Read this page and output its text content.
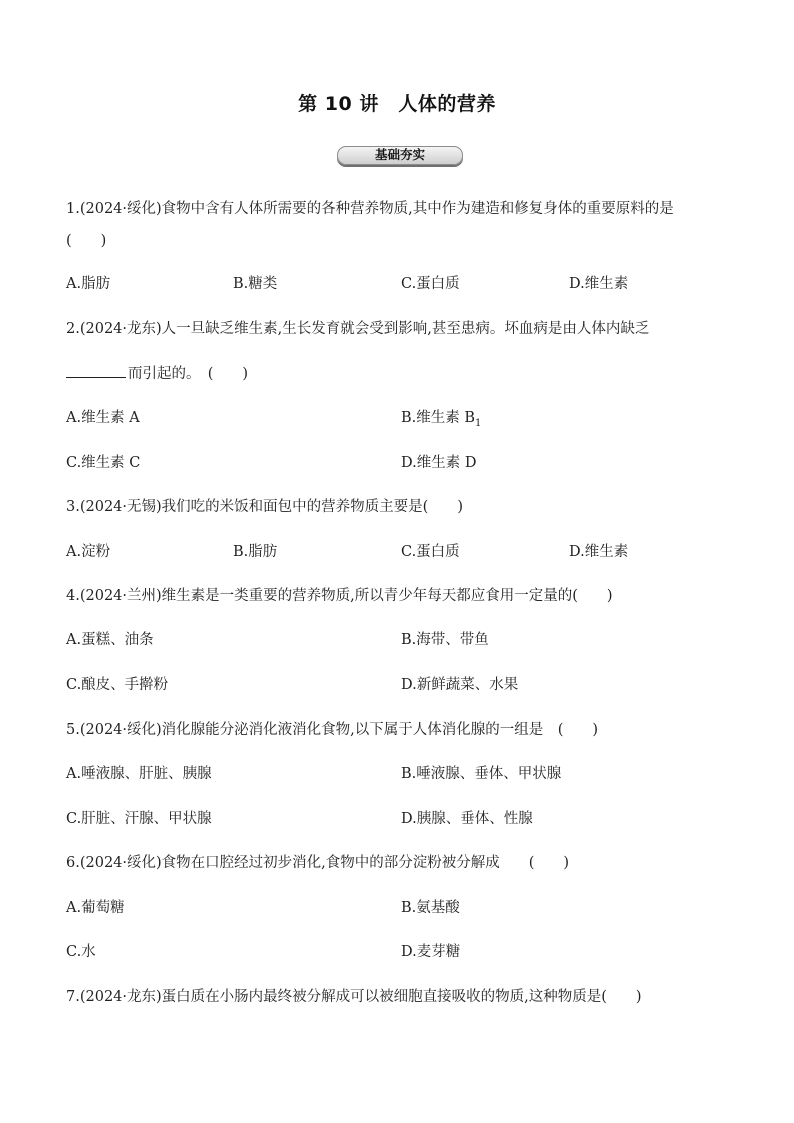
第 10 讲　人体的营养
基础夯实
1.(2024·绥化)食物中含有人体所需要的各种营养物质,其中作为建造和修复身体的重要原料的是
(　　)
A.脂肪	B.糖类	C.蛋白质	D.维生素
2.(2024·龙东)人一旦缺乏维生素,生长发育就会受到影响,甚至患病。坏血病是由人体内缺乏
而引起的。　(　　)
A.维生素 A	B.维生素 $B_1$
C.维生素 C	D.维生素 D
3.(2024·无锡)我们吃的米饭和面包中的营养物质主要是(　　)
A.淀粉	B.脂肪	C.蛋白质	D.维生素
4.(2024·兰州)维生素是一类重要的营养物质,所以青少年每天都应食用一定量的(　　)
A.蛋糕、油条	B.海带、带鱼
C.酿皮、手擀粉	D.新鲜蔬菜、水果
5.(2024·绥化)消化腺能分泌消化液消化食物,以下属于人体消化腺的一组是　(　　)
A.唾液腺、肝脏、胰腺	B.唾液腺、垂体、甲状腺
C.肝脏、汗腺、甲状腺	D.胰腺、垂体、性腺
6.(2024·绥化)食物在口腔经过初步消化,食物中的部分淀粉被分解成　　(　　)
A.葡萄糖	B.氨基酸
C.水	D.麦芽糖
7.(2024·龙东)蛋白质在小肠内最终被分解成可以被细胞直接吸收的物质,这种物质是(　　)
